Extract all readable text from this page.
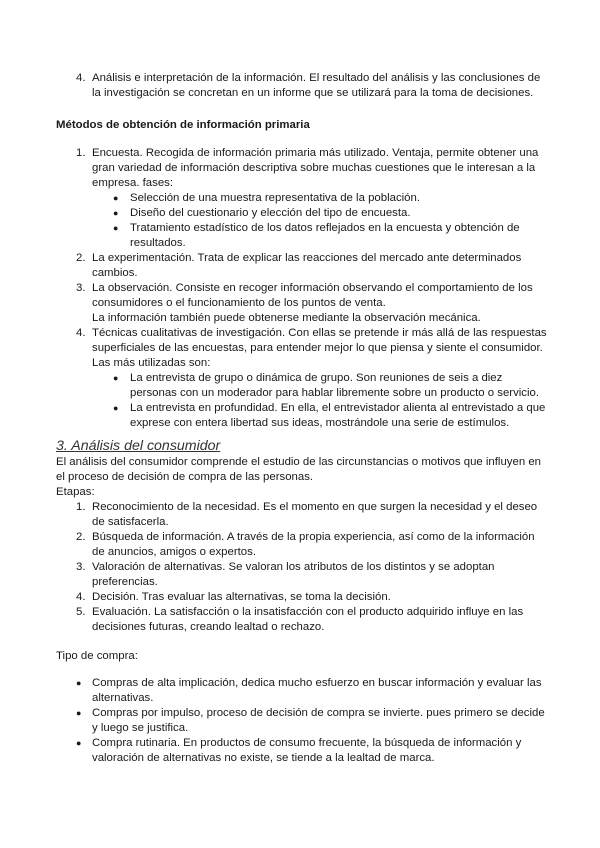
4. Análisis e interpretación de la información. El resultado del análisis y las conclusiones de la investigación se concretan en un informe que se utilizará para la toma de decisiones.
Métodos de obtención de información primaria
1. Encuesta. Recogida de información primaria más utilizado. Ventaja, permite obtener una gran variedad de información descriptiva sobre muchas cuestiones que le interesan a la empresa. fases:
● Selección de una muestra representativa de la población.
● Diseño del cuestionario y elección del tipo de encuesta.
● Tratamiento estadístico de los datos reflejados en la encuesta y obtención de resultados.
2. La experimentación. Trata de explicar las reacciones del mercado ante determinados cambios.
3. La observación. Consiste en recoger información observando el comportamiento de los consumidores o el funcionamiento de los puntos de venta.
La información también puede obtenerse mediante la observación mecánica.
4. Técnicas cualitativas de investigación. Con ellas se pretende ir más allá de las respuestas superficiales de las encuestas, para entender mejor lo que piensa y siente el consumidor.
Las más utilizadas son:
● La entrevista de grupo o dinámica de grupo. Son reuniones de seis a diez personas con un moderador para hablar libremente sobre un producto o servicio.
● La entrevista en profundidad. En ella, el entrevistador alienta al entrevistado a que exprese con entera libertad sus ideas, mostrándole una serie de estímulos.
3. Análisis del consumidor
El análisis del consumidor comprende el estudio de las circunstancias o motivos que influyen en el proceso de decisión de compra de las personas.
Etapas:
1. Reconocimiento de la necesidad. Es el momento en que surgen la necesidad y el deseo de satisfacerla.
2. Búsqueda de información. A través de la propia experiencia, así como de la información de anuncios, amigos o expertos.
3. Valoración de alternativas. Se valoran los atributos de los distintos y se adoptan preferencias.
4. Decisión. Tras evaluar las alternativas, se toma la decisión.
5. Evaluación. La satisfacción o la insatisfacción con el producto adquirido influye en las decisiones futuras, creando lealtad o rechazo.
Tipo de compra:
● Compras de alta implicación, dedica mucho esfuerzo en buscar información y evaluar las alternativas.
● Compras por impulso, proceso de decisión de compra se invierte. pues primero se decide y luego se justifica.
● Compra rutinaria. En productos de consumo frecuente, la búsqueda de información y valoración de alternativas no existe, se tiende a la lealtad de marca.
